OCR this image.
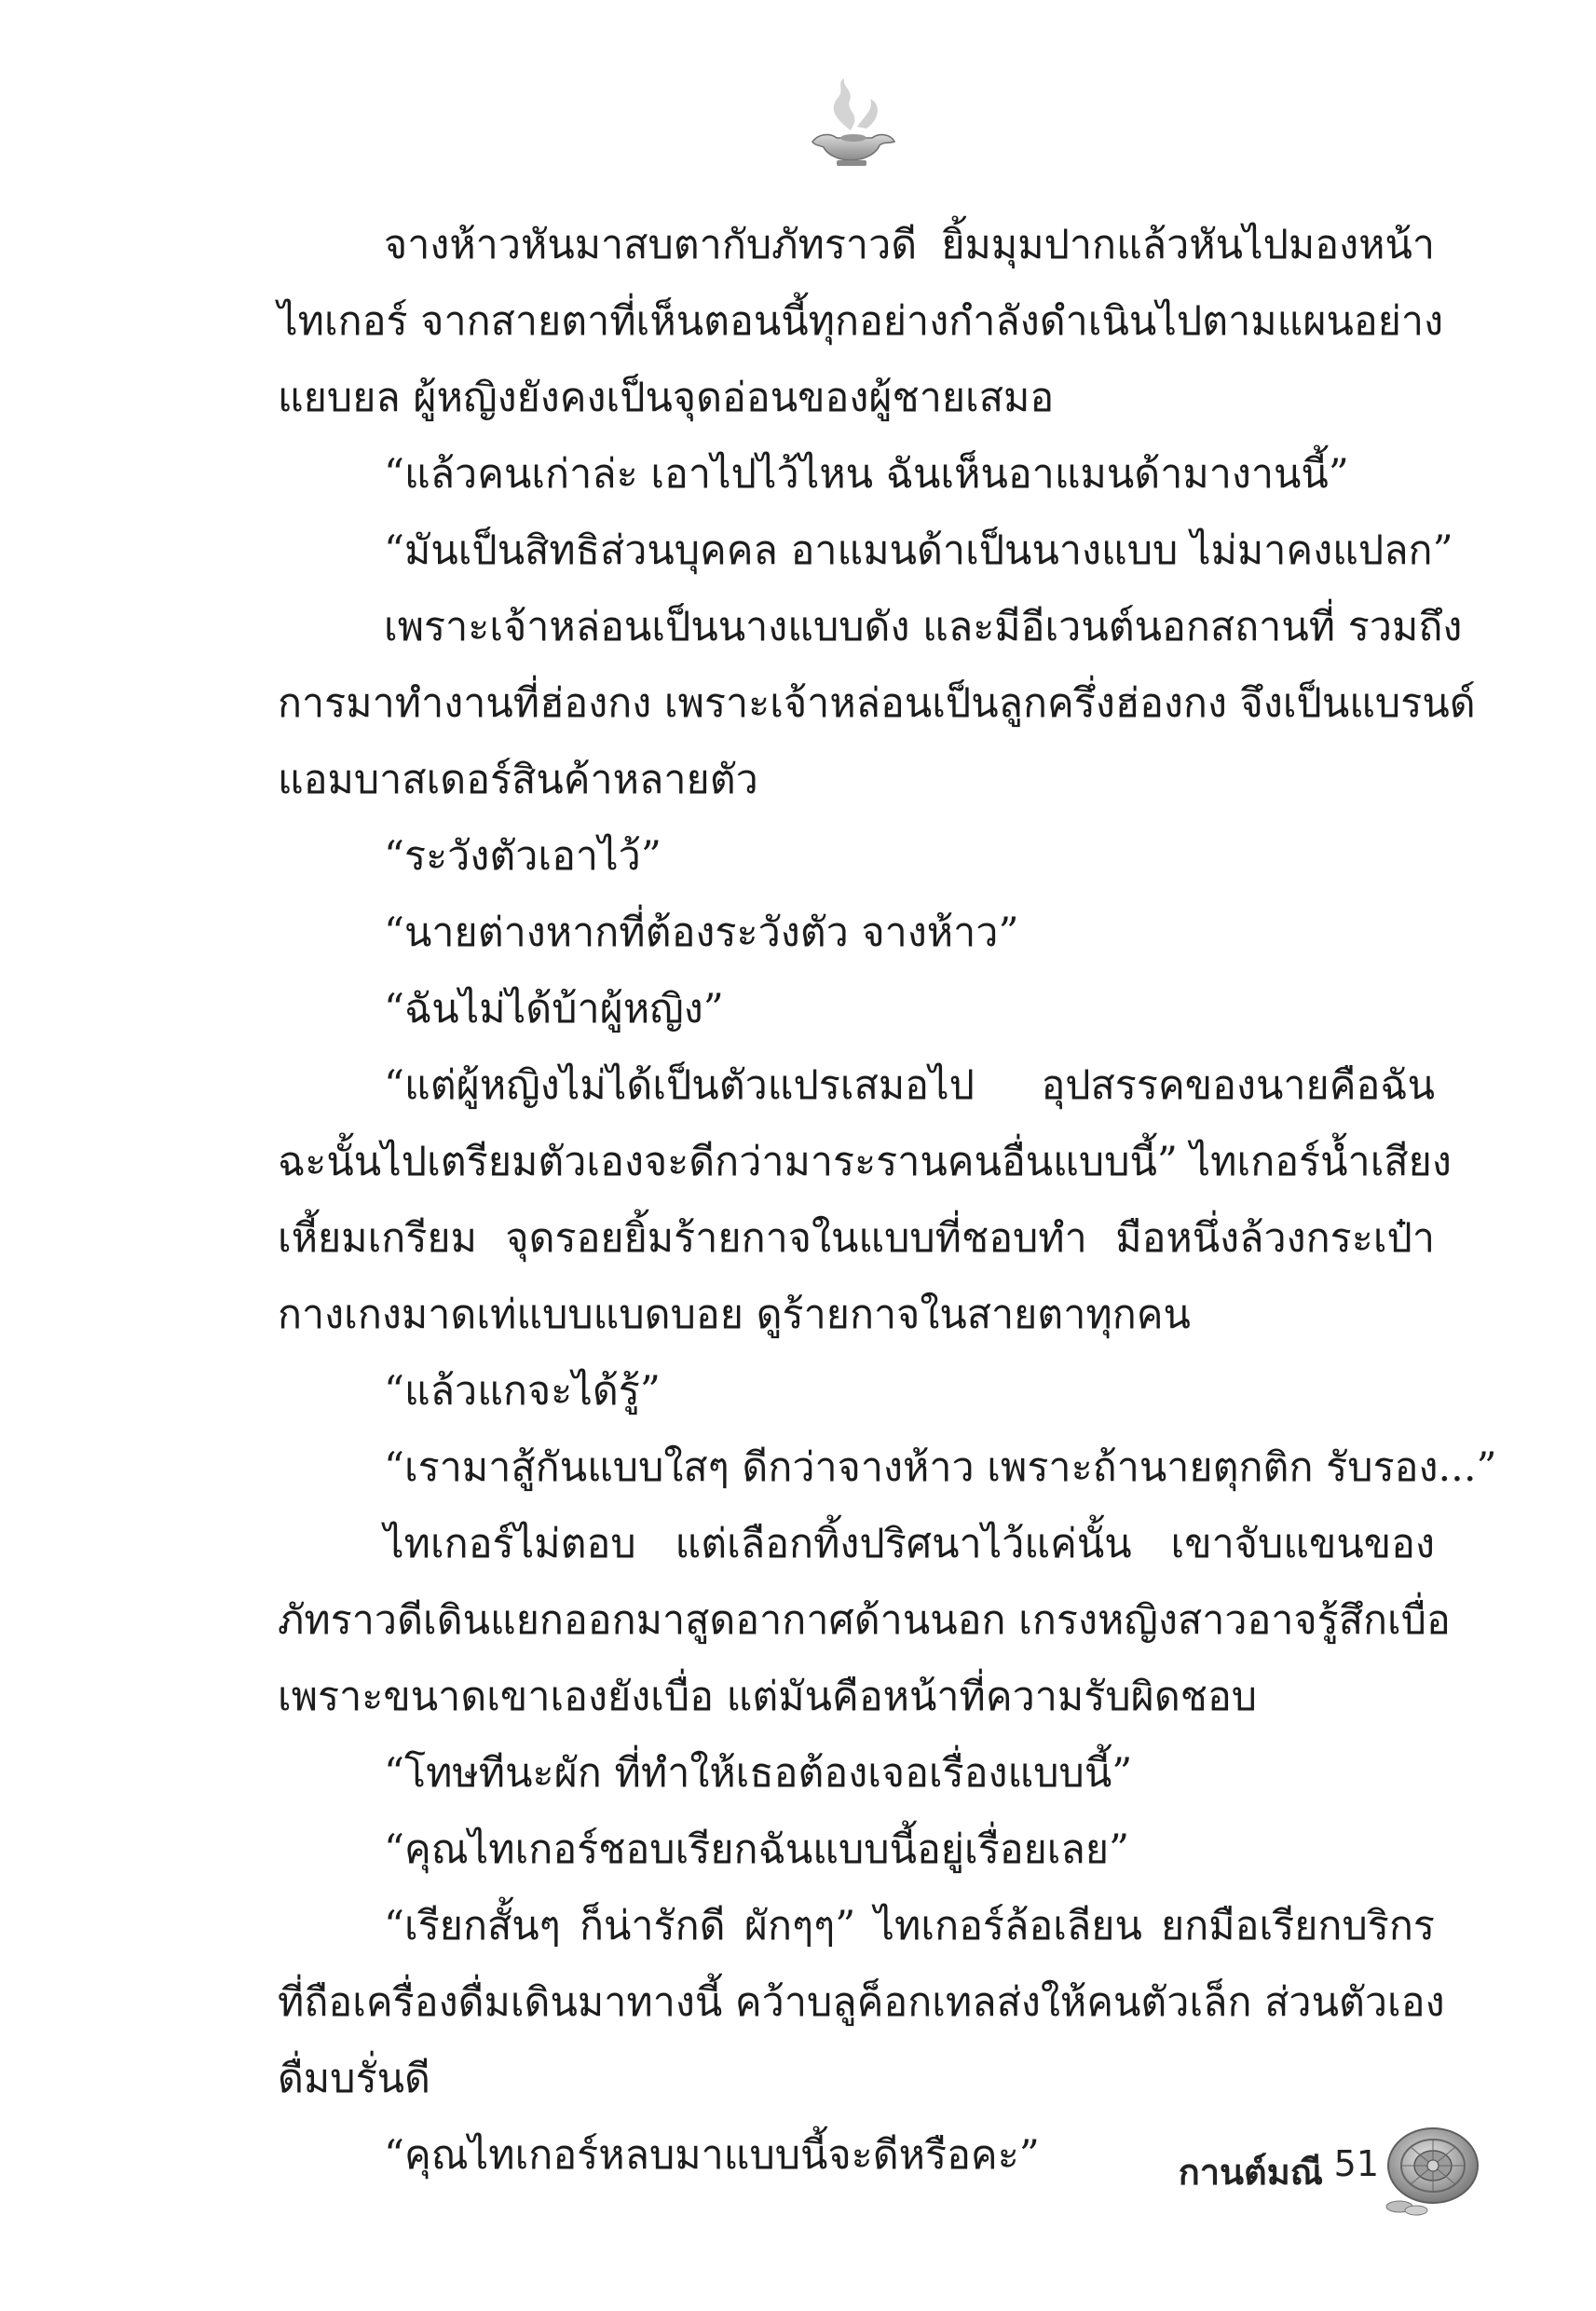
จางห้าวหันมาสบตากับภัทราวดี ยิ้มมุมปากแล้วหันไปมองหน้า
ไทเกอร์ จากสายตาที่เห็นตอนนี้ทุกอย่างกำลังดำเนินไปตามแผนอย่าง
แยบยล ผู้หญิงยังคงเป็นจุดอ่อนของผู้ชายเสมอ
“แล้วคนเก่าล่ะ เอาไปไว้ไหน ฉันเห็นอาแมนด้ามางานนี้”
“มันเป็นสิทธิส่วนบุคคล อาแมนด้าเป็นนางแบบ ไม่มาคงแปลก”
เพราะเจ้าหล่อนเป็นนางแบบดัง และมีอีเวนต์นอกสถานที่ รวมถึง
การมาทำงานที่ฮ่องกง เพราะเจ้าหล่อนเป็นลูกครึ่งฮ่องกง จึงเป็นแบรนด์
แอมบาสเดอร์สินค้าหลายตัว
“ระวังตัวเอาไว้”
“นายต่างหากที่ต้องระวังตัว จางห้าว”
“ฉันไม่ได้บ้าผู้หญิง”
“แต่ผู้หญิงไม่ได้เป็นตัวแปรเสมอไป อุปสรรคของนายคือฉัน
ฉะนั้นไปเตรียมตัวเองจะดีกว่ามาระรานคนอื่นแบบนี้” ไทเกอร์น้ำเสียง
เหี้ยมเกรียม จุดรอยยิ้มร้ายกาจในแบบที่ชอบทำ มือหนึ่งล้วงกระเป๋า
กางเกงมาดเท่แบบแบดบอย ดูร้ายกาจในสายตาทุกคน
“แล้วแกจะได้รู้”
“เรามาสู้กันแบบใสๆ ดีกว่าจางห้าว เพราะถ้านายตุกติก รับรอง...”
ไทเกอร์ไม่ตอบ แต่เลือกทิ้งปริศนาไว้แค่นั้น เขาจับแขนของ
ภัทราวดีเดินแยกออกมาสูดอากาศด้านนอก เกรงหญิงสาวอาจรู้สึกเบื่อ
เพราะขนาดเขาเองยังเบื่อ แต่มันคือหน้าที่ความรับผิดชอบ
“โทษทีนะผัก ที่ทำให้เธอต้องเจอเรื่องแบบนี้”
“คุณไทเกอร์ชอบเรียกฉันแบบนี้อยู่เรื่อยเลย”
“เรียกสั้นๆ ก็น่ารักดี ผักๆๆ” ไทเกอร์ล้อเลียน ยกมือเรียกบริกร
ที่ถือเครื่องดื่มเดินมาทางนี้ คว้าบลูค็อกเทลส่งให้คนตัวเล็ก ส่วนตัวเอง
ดื่มบรั่นดี
“คุณไทเกอร์หลบมาแบบนี้จะดีหรือคะ”	กานต์มณี 51
